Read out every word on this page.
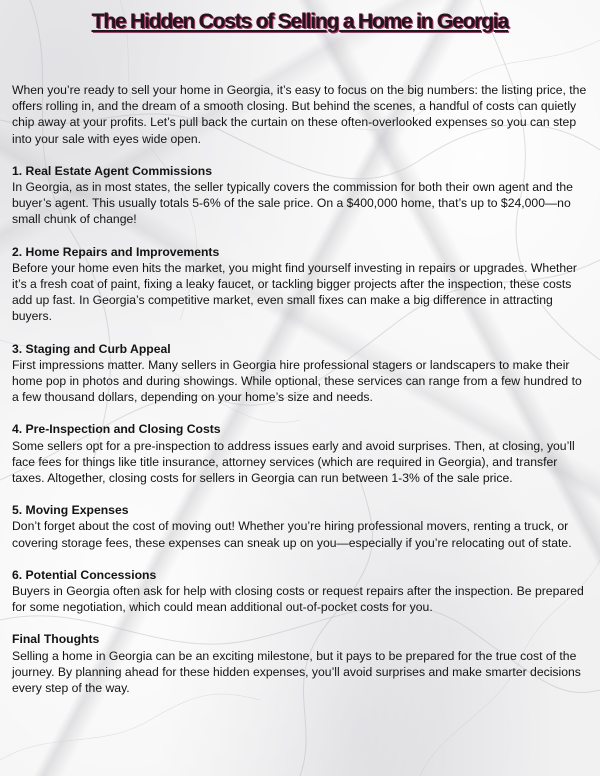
The Hidden Costs of Selling a Home in Georgia

When you’re ready to sell your home in Georgia, it’s easy to focus on the big numbers: the listing price, the offers rolling in, and the dream of a smooth closing. But behind the scenes, a handful of costs can quietly chip away at your profits. Let’s pull back the curtain on these often-overlooked expenses so you can step into your sale with eyes wide open.

1. Real Estate Agent Commissions

In Georgia, as in most states, the seller typically covers the commission for both their own agent and the buyer’s agent. This usually totals 5-6% of the sale price. On a $400,000 home, that’s up to $24,000—no small chunk of change!

2. Home Repairs and Improvements

Before your home even hits the market, you might find yourself investing in repairs or upgrades. Whether it’s a fresh coat of paint, fixing a leaky faucet, or tackling bigger projects after the inspection, these costs add up fast. In Georgia’s competitive market, even small fixes can make a big difference in attracting buyers.

3. Staging and Curb Appeal

First impressions matter. Many sellers in Georgia hire professional stagers or landscapers to make their home pop in photos and during showings. While optional, these services can range from a few hundred to a few thousand dollars, depending on your home’s size and needs.

4. Pre-Inspection and Closing Costs

Some sellers opt for a pre-inspection to address issues early and avoid surprises. Then, at closing, you’ll face fees for things like title insurance, attorney services (which are required in Georgia), and transfer taxes. Altogether, closing costs for sellers in Georgia can run between 1-3% of the sale price.

5. Moving Expenses

Don’t forget about the cost of moving out! Whether you’re hiring professional movers, renting a truck, or covering storage fees, these expenses can sneak up on you—especially if you’re relocating out of state.

6. Potential Concessions

Buyers in Georgia often ask for help with closing costs or request repairs after the inspection. Be prepared for some negotiation, which could mean additional out-of-pocket costs for you.

Final Thoughts

Selling a home in Georgia can be an exciting milestone, but it pays to be prepared for the true cost of the journey. By planning ahead for these hidden expenses, you’ll avoid surprises and make smarter decisions every step of the way.
